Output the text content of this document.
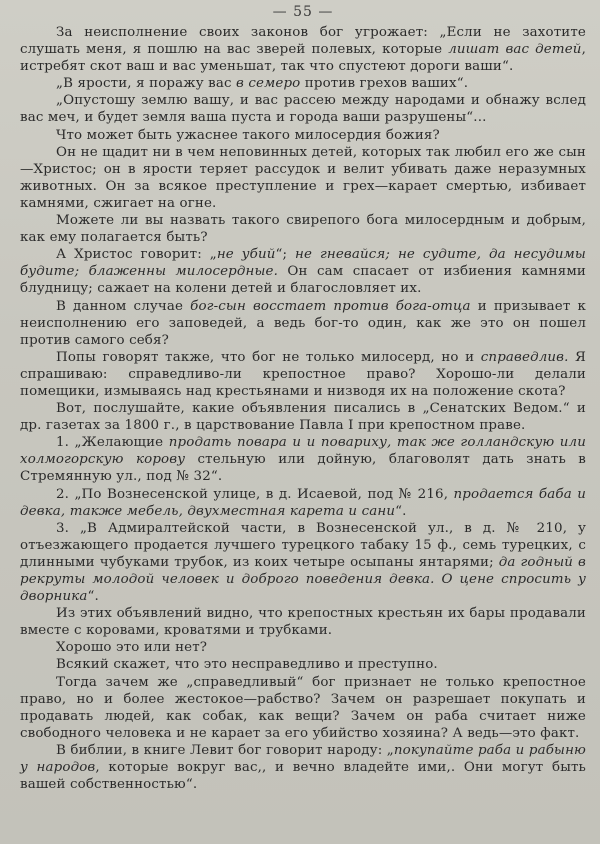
— 55 —

За неисполнение своих законов бог угрожает: „Если не захотите слушать меня, я пошлю на вас зверей полевых, которые лишат вас детей, истребят скот ваш и вас уменьшат, так что спустеют дороги ваши“.

„В ярости, я поражу вас в семеро против грехов ваших“.

„Опустошу землю вашу, и вас рассею между народами и обнажу вслед вас меч, и будет земля ваша пуста и города ваши разрушены“...

Что может быть ужаснее такого милосердия божия?

Он не щадит ни в чем неповинных детей, которых так любил его же сын—Христос; он в ярости теряет рассудок и велит убивать даже неразумных животных. Он за всякое преступление и грех—карает смертью, избивает камнями, сжигает на огне.

Можете ли вы назвать такого свирепого бога милосердным и добрым, как ему полагается быть?

А Христос говорит: „не убий“; не гневайся; не судите, да несудимы будите; блаженны милосердные. Он сам спасает от избиения камнями блудницу; сажает на колени детей и благословляет их.

В данном случае бог-сын восстает против бога-отца и призывает к неисполнению его заповедей, а ведь бог-то один, как же это он пошел против самого себя?

Попы говорят также, что бог не только милосерд, но и справедлив. Я спрашиваю: справедливо-ли крепостное право? Хорошо-ли делали помещики, измываясь над крестьянами и низводя их на положение скота?

Вот, послушайте, какие объявления писались в „Сенатских Ведом.“ и др. газетах за 1800 г., в царствование Павла I при крепостном праве.

1. „Желающие продать повара и и повариху, так же голландскую или холмогорскую корову стельную или дойную, благоволят дать знать в Стремянную ул., под № 32“.

2. „По Вознесенской улице, в д. Исаевой, под № 216, продается баба и девка, также мебель, двухместная карета и сани“.

3. „В Адмиралтейской части, в Вознесенской ул., в д. № 210, у отъезжающего продается лучшего турецкого табаку 15 ф., семь турецких, с длинными чубуками трубок, из коих четыре осыпаны янтарями; да годный в рекруты молодой человек и доброго поведения девка. О цене спросить у дворника“.

Из этих объявлений видно, что крепостных крестьян их бары продавали вместе с коровами, кроватями и трубками.

Хорошо это или нет?

Всякий скажет, что это несправедливо и преступно.

Тогда зачем же „справедливый“ бог признает не только крепостное право, но и более жестокое—рабство? Зачем он разрешает покупать и продавать людей, как собак, как вещи? Зачем он раба считает ниже свободного человека и не карает за его убийство хозяина? А ведь—это факт.

В библии, в книге Левит бог говорит народу: „покупайте раба и рабыню у народов, которые вокруг вас,, и вечно владейте ими,. Они могут быть вашей собственностью“.
